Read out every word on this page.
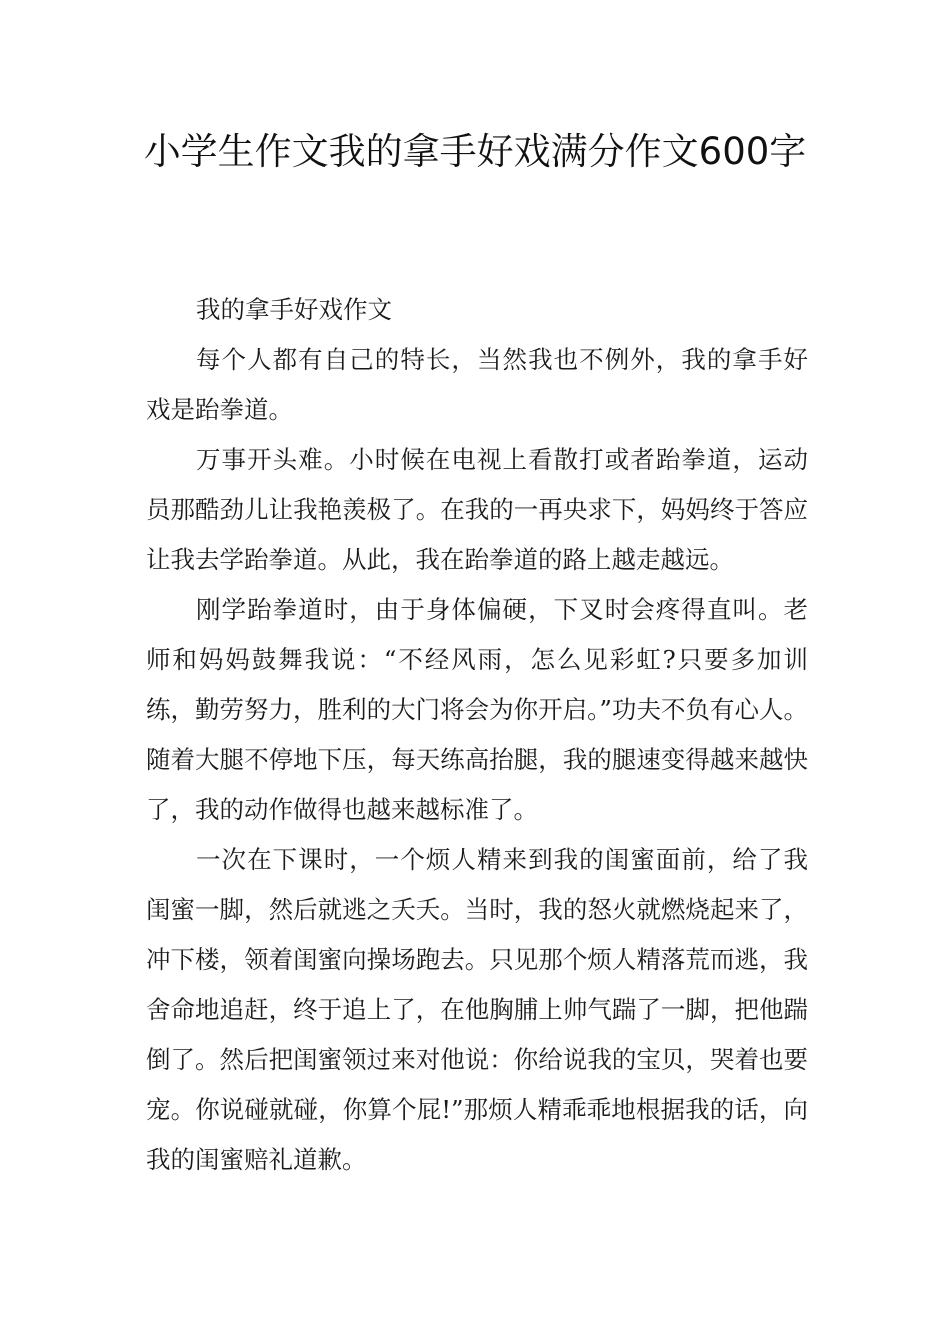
小学生作文我的拿手好戏满分作文600字

我的拿手好戏作文

每个人都有自己的特长，当然我也不例外，我的拿手好戏是跆拳道。

万事开头难。小时候在电视上看散打或者跆拳道，运动员那酷劲儿让我艳羡极了。在我的一再央求下，妈妈终于答应让我去学跆拳道。从此，我在跆拳道的路上越走越远。

刚学跆拳道时，由于身体偏硬，下叉时会疼得直叫。老师和妈妈鼓舞我说：“不经风雨，怎么见彩虹?只要多加训练，勤劳努力，胜利的大门将会为你开启。”功夫不负有心人。随着大腿不停地下压，每天练高抬腿，我的腿速变得越来越快了，我的动作做得也越来越标准了。

一次在下课时，一个烦人精来到我的闺蜜面前，给了我闺蜜一脚，然后就逃之夭夭。当时，我的怒火就燃烧起来了，冲下楼，领着闺蜜向操场跑去。只见那个烦人精落荒而逃，我舍命地追赶，终于追上了，在他胸脯上帅气踹了一脚，把他踹倒了。然后把闺蜜领过来对他说：你给说我的宝贝，哭着也要宠。你说碰就碰，你算个屁!”那烦人精乖乖地根据我的话，向我的闺蜜赔礼道歉。
